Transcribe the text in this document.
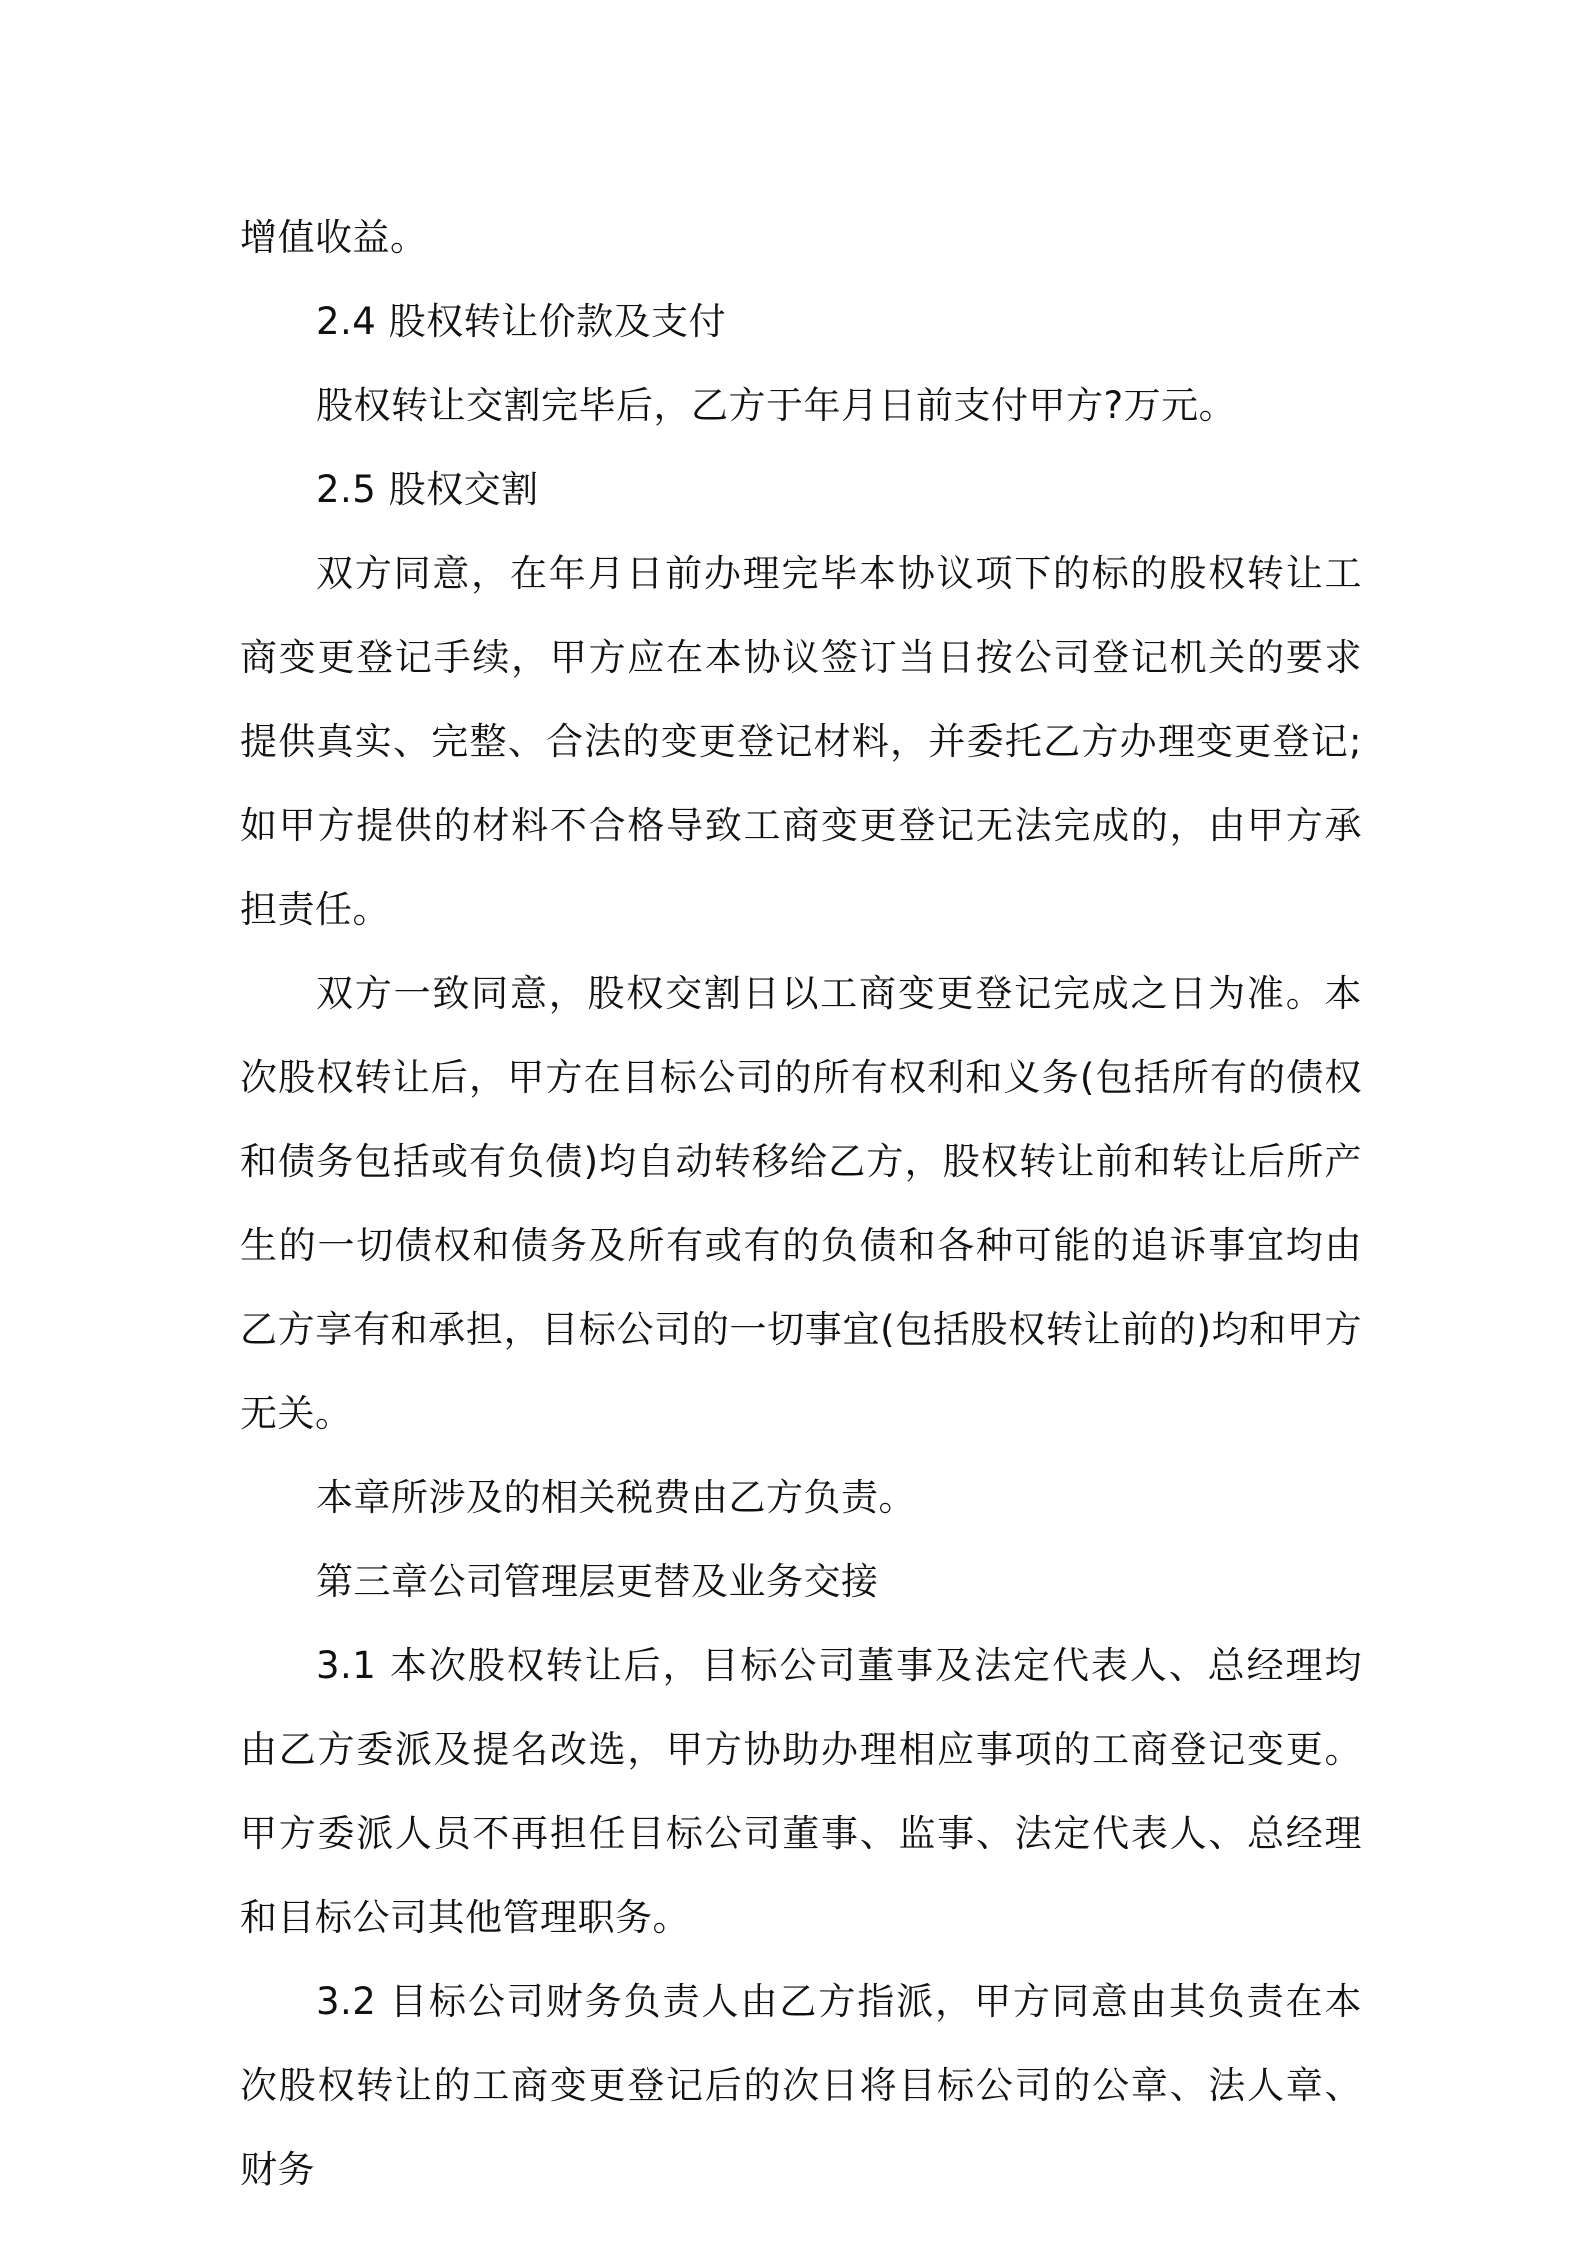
增值收益。

2.4 股权转让价款及支付

股权转让交割完毕后，乙方于年月日前支付甲方?万元。

2.5 股权交割

双方同意，在年月日前办理完毕本协议项下的标的股权转让工商变更登记手续，甲方应在本协议签订当日按公司登记机关的要求提供真实、完整、合法的变更登记材料，并委托乙方办理变更登记;如甲方提供的材料不合格导致工商变更登记无法完成的，由甲方承担责任。

双方一致同意，股权交割日以工商变更登记完成之日为准。本次股权转让后，甲方在目标公司的所有权利和义务(包括所有的债权和债务包括或有负债)均自动转移给乙方，股权转让前和转让后所产生的一切债权和债务及所有或有的负债和各种可能的追诉事宜均由乙方享有和承担，目标公司的一切事宜(包括股权转让前的)均和甲方无关。

本章所涉及的相关税费由乙方负责。

第三章公司管理层更替及业务交接

3.1 本次股权转让后，目标公司董事及法定代表人、总经理均由乙方委派及提名改选，甲方协助办理相应事项的工商登记变更。甲方委派人员不再担任目标公司董事、监事、法定代表人、总经理和目标公司其他管理职务。

3.2 目标公司财务负责人由乙方指派，甲方同意由其负责在本次股权转让的工商变更登记后的次日将目标公司的公章、法人章、财务
